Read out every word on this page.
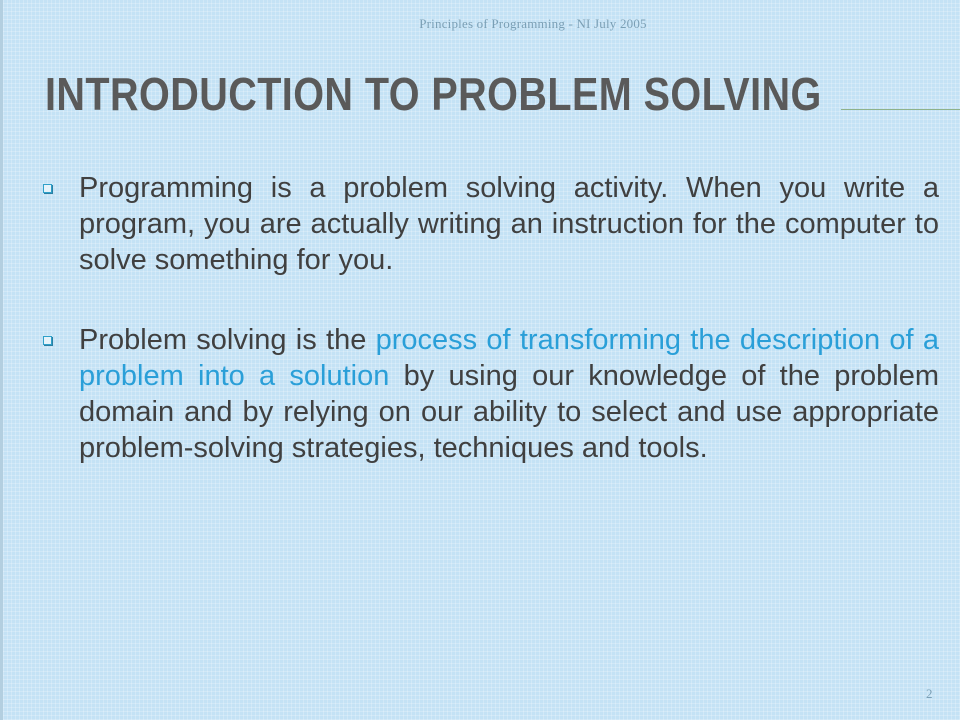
Principles of Programming - NI July 2005
INTRODUCTION TO PROBLEM SOLVING
Programming is a problem solving activity. When you write a program, you are actually writing an instruction for the computer to solve something for you.
Problem solving is the process of transforming the description of a problem into a solution by using our knowledge of the problem domain and by relying on our ability to select and use appropriate problem-solving strategies, techniques and tools.
2
